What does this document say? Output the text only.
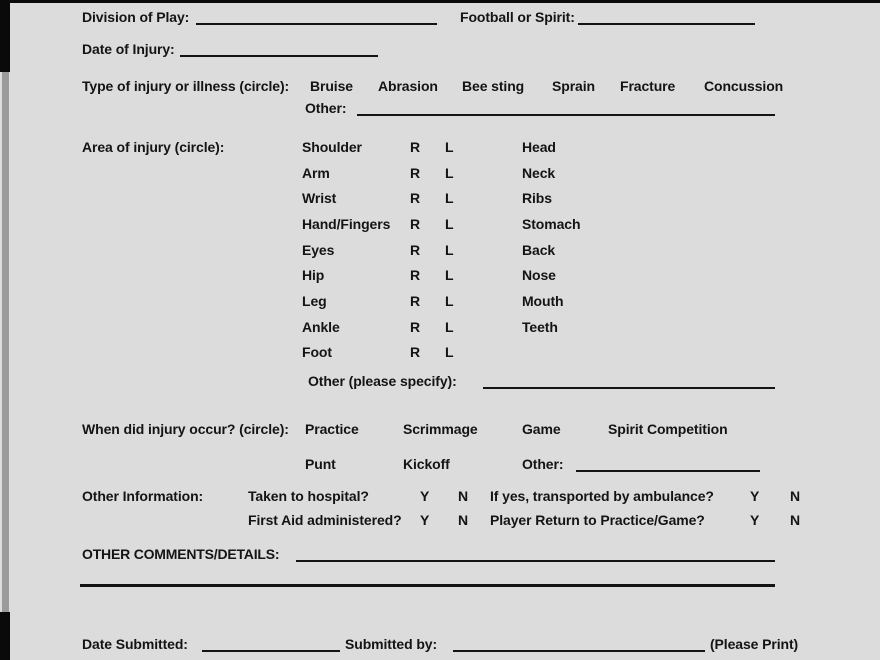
Division of Play:	Football or Spirit:
Date of Injury:
Type of injury or illness (circle): Bruise Abrasion Bee sting Sprain Fracture Concussion
Other:
Area of injury (circle):	Shoulder	R L	Head
Arm	R L	Neck
Wrist	R L	Ribs
Hand/Fingers R L	Stomach
Eyes	R L	Back
Hip	R L	Nose
Leg	R L	Mouth
Ankle	R L	Teeth
Foot	R L
Other (please specify):
When did injury occur? (circle): Practice	Scrimmage	Game	Spirit Competition
Punt	Kickoff	Other:
Other Information:	Taken to hospital?	Y N If yes, transported by ambulance?	Y N
First Aid administered? Y N Player Return to Practice/Game?	Y N
OTHER COMMENTS/DETAILS:
Date Submitted:	Submitted by:	(Please Print)
